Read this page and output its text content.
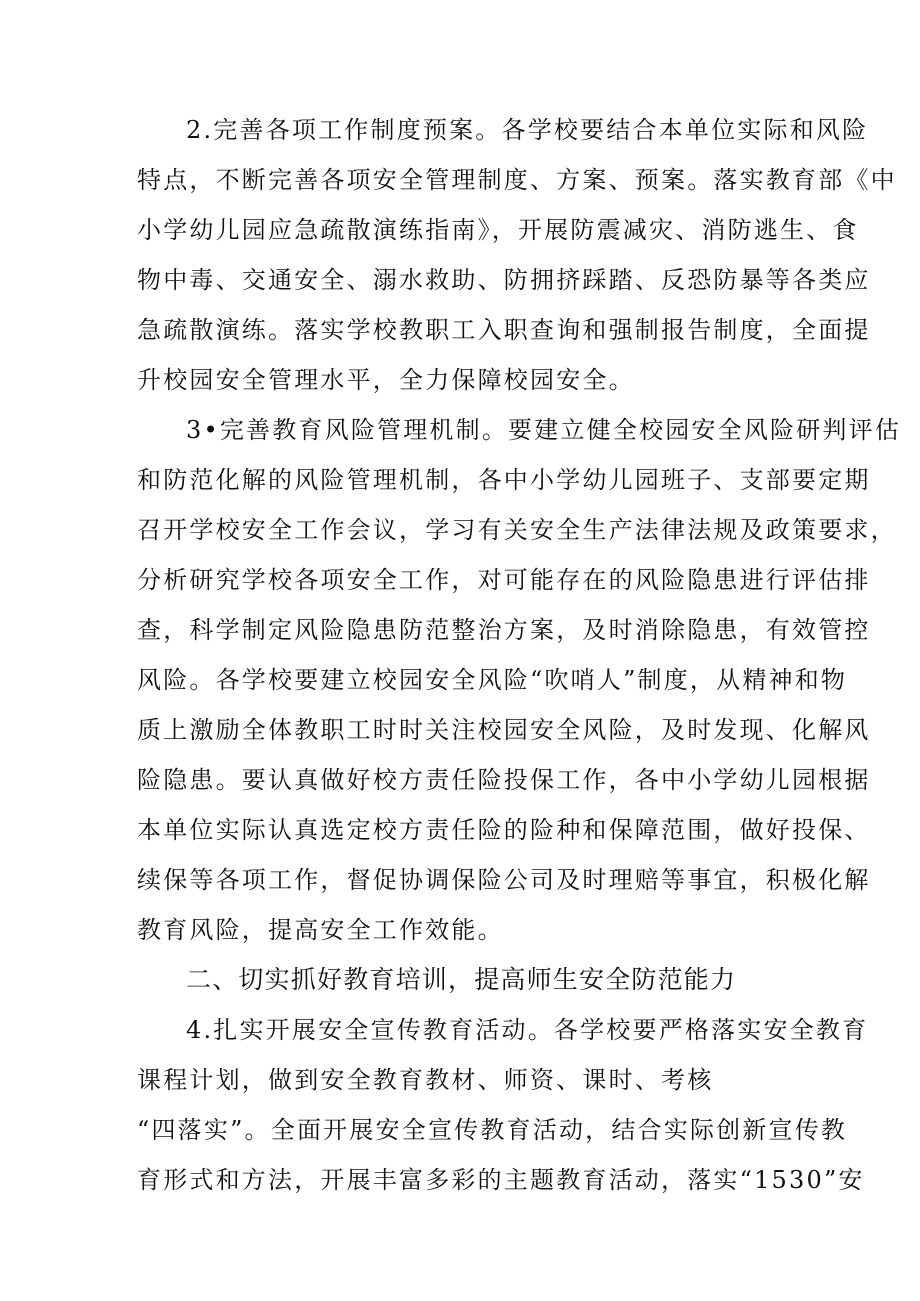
2.完善各项工作制度预案。各学校要结合本单位实际和风险

特点，不断完善各项安全管理制度、方案、预案。落实教育部《中

小学幼儿园应急疏散演练指南》，开展防震减灾、消防逃生、食

物中毒、交通安全、溺水救助、防拥挤踩踏、反恐防暴等各类应

急疏散演练。落实学校教职工入职查询和强制报告制度，全面提

升校园安全管理水平，全力保障校园安全。

3•完善教育风险管理机制。要建立健全校园安全风险研判评估

和防范化解的风险管理机制，各中小学幼儿园班子、支部要定期

召开学校安全工作会议，学习有关安全生产法律法规及政策要求，

分析研究学校各项安全工作，对可能存在的风险隐患进行评估排

查，科学制定风险隐患防范整治方案，及时消除隐患，有效管控

风险。各学校要建立校园安全风险“吹哨人”制度，从精神和物

质上激励全体教职工时时关注校园安全风险，及时发现、化解风

险隐患。要认真做好校方责任险投保工作，各中小学幼儿园根据

本单位实际认真选定校方责任险的险种和保障范围，做好投保、

续保等各项工作，督促协调保险公司及时理赔等事宜，积极化解

教育风险，提高安全工作效能。

二、切实抓好教育培训，提高师生安全防范能力

4.扎实开展安全宣传教育活动。各学校要严格落实安全教育

课程计划，做到安全教育教材、师资、课时、考核

“四落实”。全面开展安全宣传教育活动，结合实际创新宣传教

育形式和方法，开展丰富多彩的主题教育活动，落实“1530”安
